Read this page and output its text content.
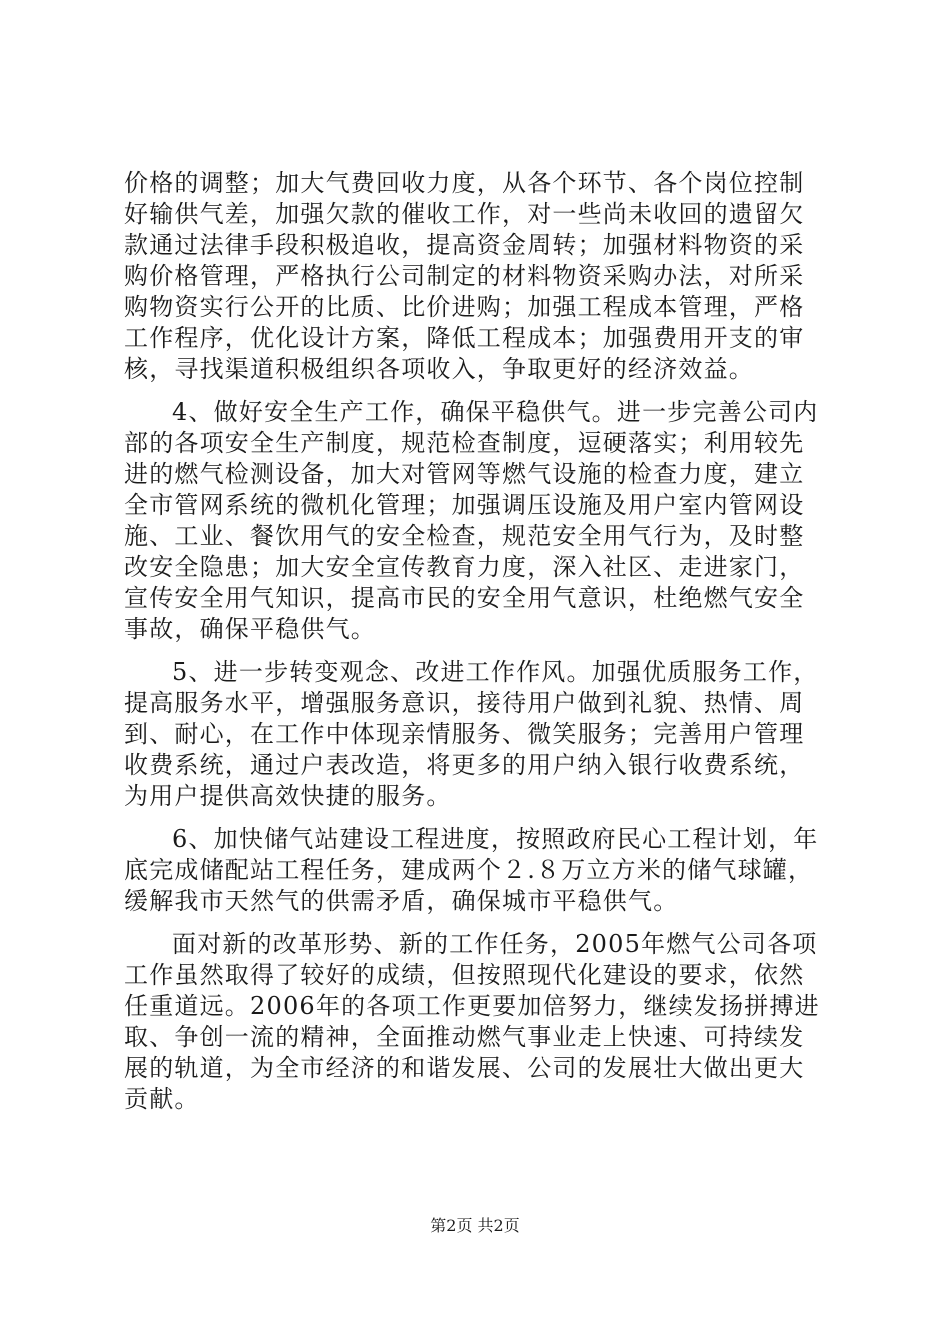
价格的调整；加大气费回收力度，从各个环节、各个岗位控制
好输供气差，加强欠款的催收工作，对一些尚未收回的遗留欠
款通过法律手段积极追收，提高资金周转；加强材料物资的采
购价格管理，严格执行公司制定的材料物资采购办法，对所采
购物资实行公开的比质、比价进购；加强工程成本管理，严格
工作程序，优化设计方案，降低工程成本；加强费用开支的审
核，寻找渠道积极组织各项收入，争取更好的经济效益。
4、做好安全生产工作，确保平稳供气。进一步完善公司内
部的各项安全生产制度，规范检查制度，逗硬落实；利用较先
进的燃气检测设备，加大对管网等燃气设施的检查力度，建立
全市管网系统的微机化管理；加强调压设施及用户室内管网设
施、工业、餐饮用气的安全检查，规范安全用气行为，及时整
改安全隐患；加大安全宣传教育力度，深入社区、走进家门，
宣传安全用气知识，提高市民的安全用气意识，杜绝燃气安全
事故，确保平稳供气。
5、进一步转变观念、改进工作作风。加强优质服务工作，
提高服务水平，增强服务意识，接待用户做到礼貌、热情、周
到、耐心，在工作中体现亲情服务、微笑服务；完善用户管理
收费系统，通过户表改造，将更多的用户纳入银行收费系统，
为用户提供高效快捷的服务。
6、加快储气站建设工程进度，按照政府民心工程计划，年
底完成储配站工程任务，建成两个２.８万立方米的储气球罐，
缓解我市天然气的供需矛盾，确保城市平稳供气。
面对新的改革形势、新的工作任务，2005年燃气公司各项
工作虽然取得了较好的成绩，但按照现代化建设的要求，依然
任重道远。2006年的各项工作更要加倍努力，继续发扬拼搏进
取、争创一流的精神，全面推动燃气事业走上快速、可持续发
展的轨道，为全市经济的和谐发展、公司的发展壮大做出更大
贡献。
第2页 共2页
